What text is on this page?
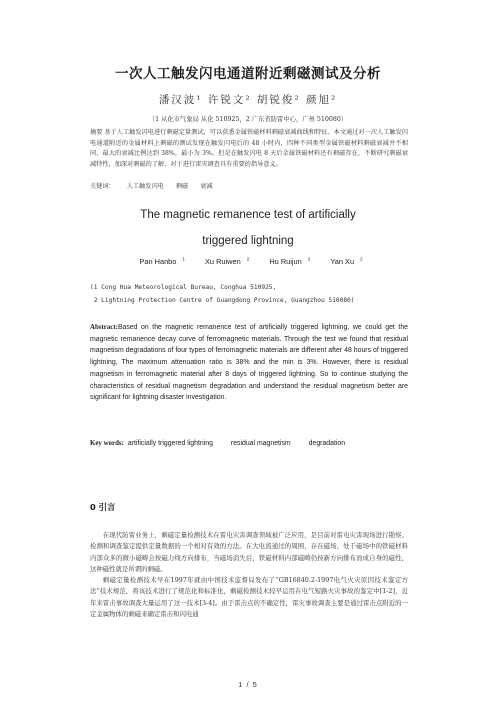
一次人工触发闪电通道附近剩磁测试及分析
潘汉波¹ 许锐文² 胡锐俊² 颜旭²
（1 从化市气象局 从化 510925，2 广东省防雷中心，广州 510080）
摘要 基于人工触发闪电进行剩磁定量测试，可以获悉金属铁磁材料剩磁衰减曲线和特征。本文通过对一次人工触发闪电通道附近的金属材料上剩磁的测试发现在触发闪电后的 48 小时内，四种不同类型金属铁磁材料剩磁衰减并不相同，最大的衰减比例达到 38%，最小为 3%。但是在触发闪电 8 天后金属铁磁材料还有剩磁存在，不断研究剩磁衰减特性，加深对剩磁的了解，对于进行雷灾调查具有重要的指导意义。
关键词： 人工触发闪电 剩磁 衰减
The magnetic remanence test of artificially
triggered lightning
Pan Hanbo $^1$	Xu Ruiwen $^2$	Hu Ruijun $^2$	Yan Xu $^2$
(1 Cong Hua Meteorological Bureau, Conghua 510925,
2 Lightning Protection Centre of Guangdong Province, Guangzhou 510080)
Abstract:Based on the magnetic remanence test of artificially triggered lightning, we could get the magnetic remanence decay curve of ferromagnetic materials. Through the test we found that residual magnetism degradations of four types of ferromagnetic materials are different after 48 hours of triggered lightning, The maximum attenuation ratio is 38% and the min is 3%. However, there is residual magnetism in ferromagnetic material after 8 days of triggered lightning. So to continue studying the characteristics of residual magnetism degradation and understand the residual magnetism better are significant for lightning disaster investigation.
Key words: artificially triggered lightning	residual magnetism	degradation
0 引言

在现代防雷业务上，剩磁定量检测技术在雷电灾害调查领域被广泛应用，是目前对雷电灾害现场进行勘察、检测和调查鉴定提供定量数据的一个相对有效的方法。在大电流通过的周围，存在磁场，处于磁场中的铁磁材料内部众多的微小磁畴会按磁力线方向排布，当磁场消失后，铁磁材料内部磁畴仍按新方向排布而成自身的磁性，这种磁性就是所谓的剩磁。

剩磁定量检测技术早在1997年就由中国技术监督局发布了“GB16840.2-1997电气火灾原因技术鉴定方法”技术规范，将该技术进行了规范化和标准化，剩磁检测技术较早运用在电气短路火灾事故的鉴定中[1-2]，近年来雷击事故调查大量运用了这一技术[3-4]。由于雷击点的不确定性，雷灾事故调查主要是通过雷击点附近的一定金属物体的剩磁来确定雷击和闪电通

1 / 5
